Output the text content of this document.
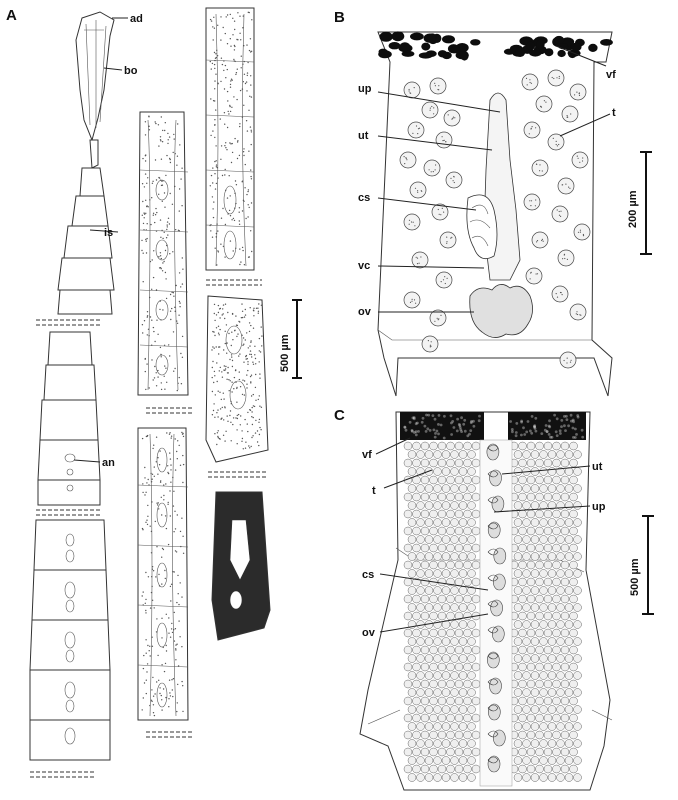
A	ad
bo
is
an
500 µm
B
up
ut
cs
vc
ov
vf
t
200 µm
C
vf
t
ut
up
cs
ov
500 µm
